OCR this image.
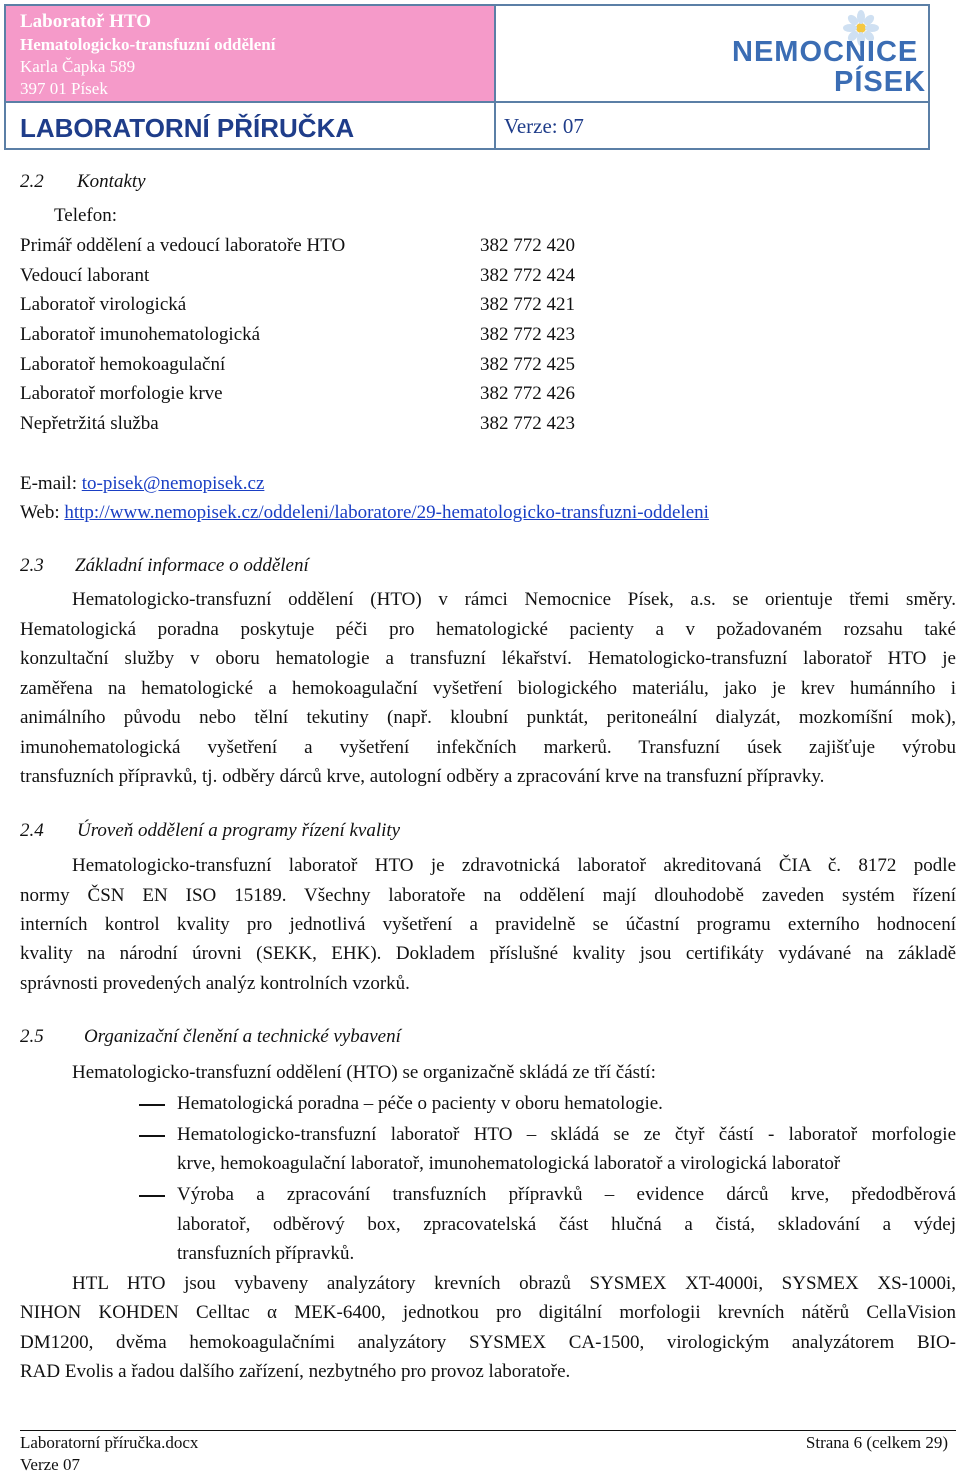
Laboratoř HTO
Hematologicko-transfuzní oddělení
Karla Čapka 589
397 01 Písek
NEMOCNICE
PÍSEK
LABORATORNÍ PŘÍRUČKA	Verze: 07
2.2 Kontakty
Telefon:
Primář oddělení a vedoucí laboratoře HTO	382 772 420
Vedoucí laborant	382 772 424
Laboratoř virologická	382 772 421
Laboratoř imunohematologická	382 772 423
Laboratoř hemokoagulační	382 772 425
Laboratoř morfologie krve	382 772 426
Nepřetržitá služba	382 772 423
E-mail: to-pisek@nemopisek.cz
Web: http://www.nemopisek.cz/oddeleni/laboratore/29-hematologicko-transfuzni-oddeleni
2.3 Základní informace o oddělení
Hematologicko-transfuzní oddělení (HTO) v rámci Nemocnice Písek, a.s. se orientuje třemi směry.
Hematologická poradna poskytuje péči pro hematologické pacienty a v požadovaném rozsahu také
konzultační služby v oboru hematologie a transfuzní lékařství. Hematologicko-transfuzní laboratoř HTO je
zaměřena na hematologické a hemokoagulační vyšetření biologického materiálu, jako je krev humánního i
animálního původu nebo tělní tekutiny (např. kloubní punktát, peritoneální dialyzát, mozkomíšní mok),
imunohematologická vyšetření a vyšetření infekčních markerů. Transfuzní úsek zajišťuje výrobu
transfuzních přípravků, tj. odběry dárců krve, autologní odběry a zpracování krve na transfuzní přípravky.
2.4 Úroveň oddělení a programy řízení kvality
Hematologicko-transfuzní laboratoř HTO je zdravotnická laboratoř akreditovaná ČIA č. 8172 podle
normy ČSN EN ISO 15189. Všechny laboratoře na oddělení mají dlouhodobě zaveden systém řízení
interních kontrol kvality pro jednotlivá vyšetření a pravidelně se účastní programu externího hodnocení
kvality na národní úrovni (SEKK, EHK). Dokladem příslušné kvality jsou certifikáty vydávané na základě
správnosti provedených analýz kontrolních vzorků.
2.5 Organizační členění a technické vybavení
Hematologicko-transfuzní oddělení (HTO) se organizačně skládá ze tří částí:
Hematologická poradna – péče o pacienty v oboru hematologie.
Hematologicko-transfuzní laboratoř HTO – skládá se ze čtyř částí - laboratoř morfologie
krve, hemokoagulační laboratoř, imunohematologická laboratoř a virologická laboratoř
Výroba a zpracování transfuzních přípravků – evidence dárců krve, předodběrová
laboratoř, odběrový box, zpracovatelská část hlučná a čistá, skladování a výdej
transfuzních přípravků.
HTL HTO jsou vybaveny analyzátory krevních obrazů SYSMEX XT-4000i, SYSMEX XS-1000i,
NIHON KOHDEN Celltac α MEK-6400, jednotkou pro digitální morfologii krevních nátěrů CellaVision
DM1200, dvěma hemokoagulačními analyzátory SYSMEX CA-1500, virologickým analyzátorem BIO-
RAD Evolis a řadou dalšího zařízení, nezbytného pro provoz laboratoře.
Laboratorní příručka.docx
Verze 07
Strana 6 (celkem 29)
